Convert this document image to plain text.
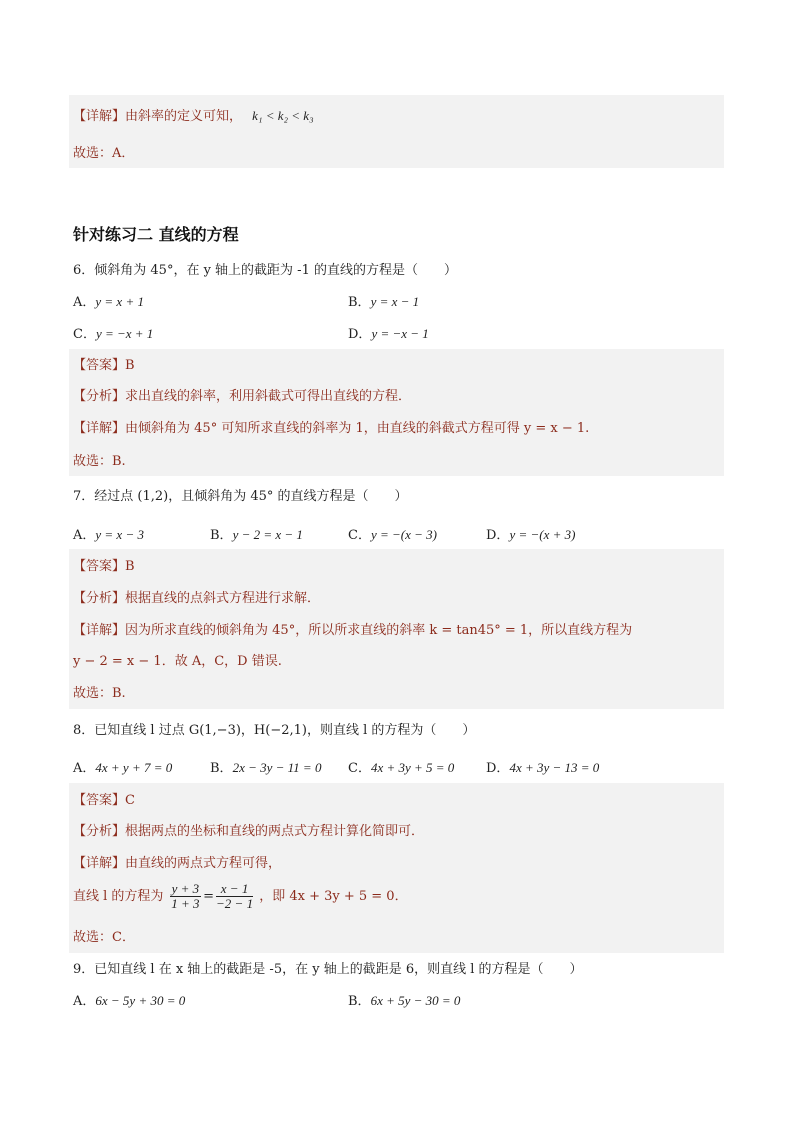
【详解】由斜率的定义可知， k₁ < k₂ < k₃
故选：A．
针对练习二 直线的方程
6．倾斜角为 45°，在 y 轴上的截距为 -1 的直线的方程是（　　）
A．y = x + 1	B．y = x − 1
C．y = −x + 1	D．y = −x − 1
【答案】B
【分析】求出直线的斜率，利用斜截式可得出直线的方程．
【详解】由倾斜角为 45° 可知所求直线的斜率为 1，由直线的斜截式方程可得 y = x − 1.
故选：B.
7．经过点 (1,2)，且倾斜角为 45° 的直线方程是（　　）
A．y = x − 3	B．y − 2 = x − 1	C．y = −(x − 3)	D．y = −(x + 3)
【答案】B
【分析】根据直线的点斜式方程进行求解．
【详解】因为所求直线的倾斜角为 45°，所以所求直线的斜率 k = tan45° = 1，所以直线方程为
y − 2 = x − 1．故 A，C，D 错误.
故选：B.
8．已知直线 l 过点 G(1,−3)，H(−2,1)，则直线 l 的方程为（　　）
A．4x + y + 7 = 0	B．2x − 3y − 11 = 0 C．4x + 3y + 5 = 0 D．4x + 3y − 13 = 0
【答案】C
【分析】根据两点的坐标和直线的两点式方程计算化简即可．
【详解】由直线的两点式方程可得，
直线 l 的方程为 $\frac{y + 3}{1 + 3} = \frac{x - 1}{-2 - 1}$ ，即 4x + 3y + 5 = 0．
故选：C．
9．已知直线 l 在 x 轴上的截距是 -5，在 y 轴上的截距是 6，则直线 l 的方程是（　　）
A．6x − 5y + 30 = 0	B．6x + 5y − 30 = 0
